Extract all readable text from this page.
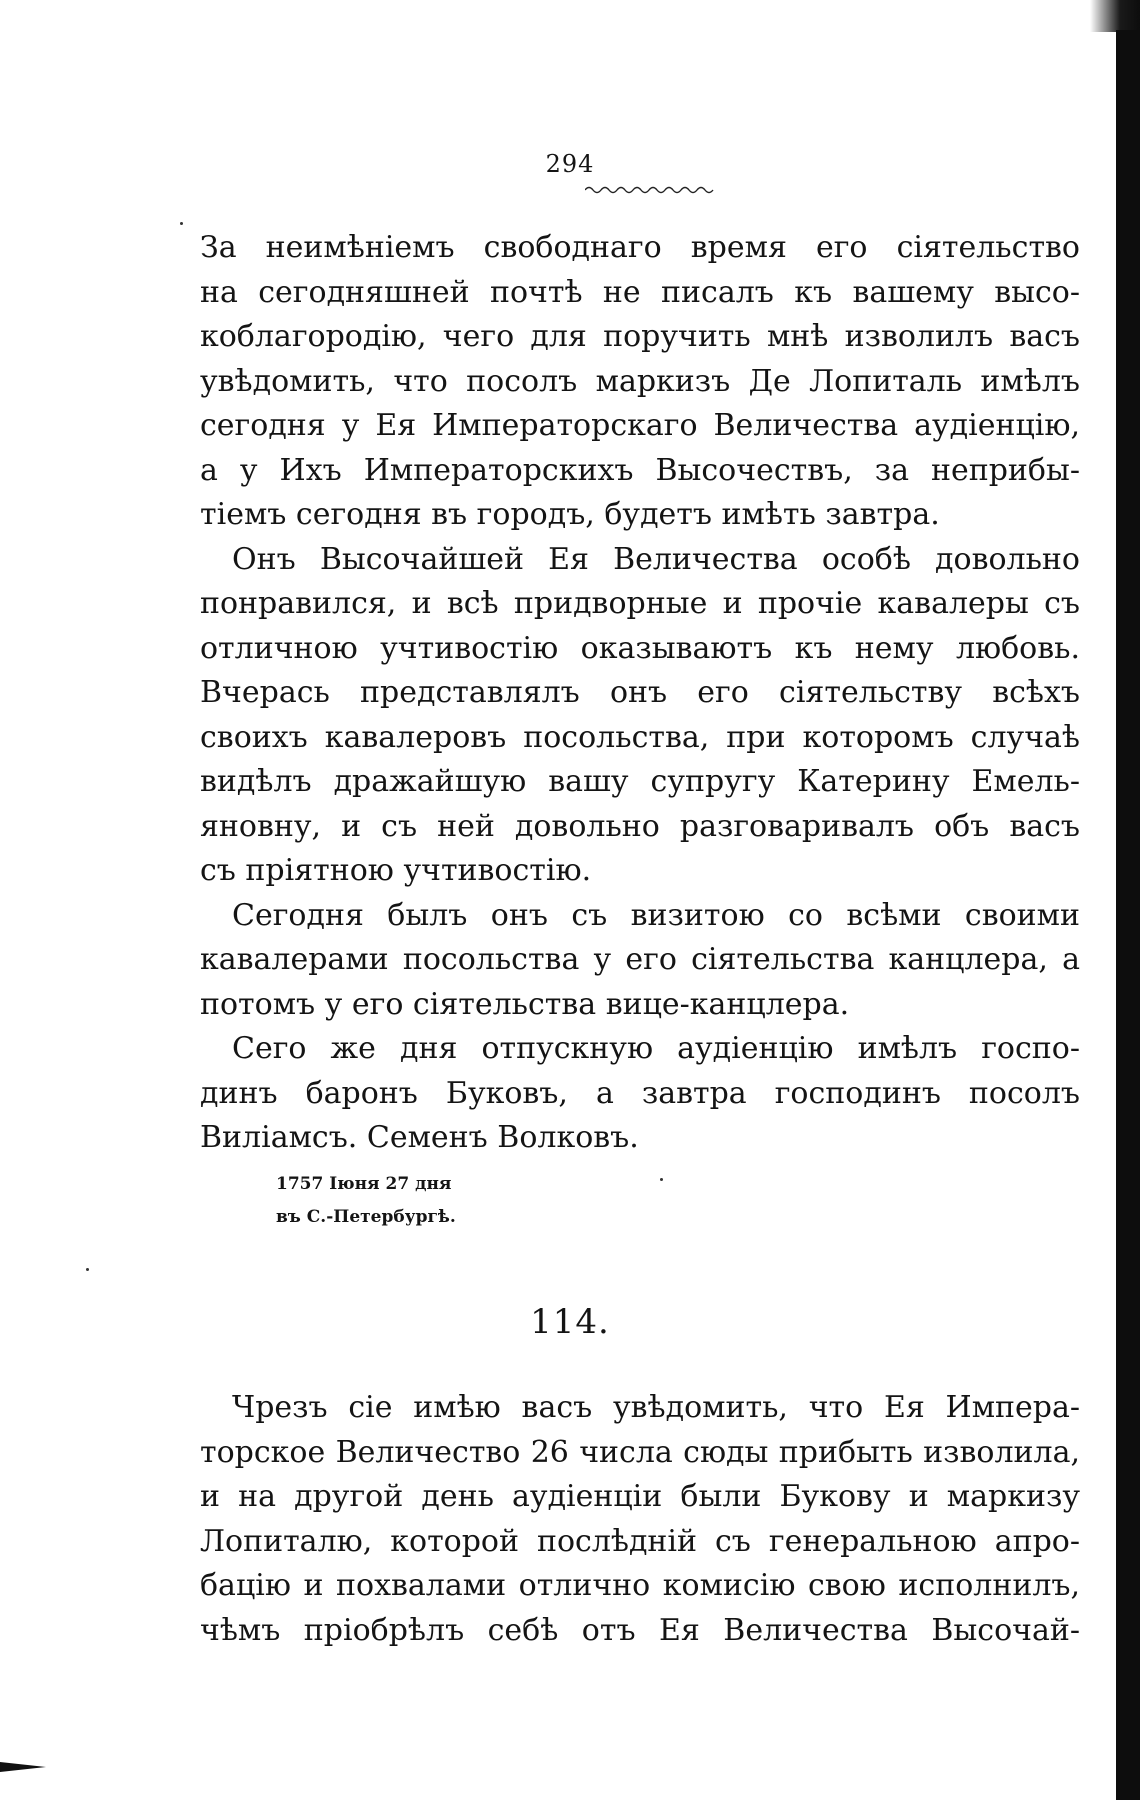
294
За неимѣніемъ свободнаго время его сіятельство
на сегодняшней почтѣ не писалъ къ вашему высо-
коблагородію, чего для поручить мнѣ изволилъ васъ
увѣдомить, что посолъ маркизъ Де Лопиталь имѣлъ
сегодня у Ея Императорскаго Величества аудіенцію,
а у Ихъ Императорскихъ Высочествъ, за неприбы-
тіемъ сегодня въ городъ, будетъ имѣть завтра.
Онъ Высочайшей Ея Величества особѣ довольно
понравился, и всѣ придворные и прочіе кавалеры съ
отличною учтивостію оказываютъ къ нему любовь.
Вчерась представлялъ онъ его сіятельству всѣхъ
своихъ кавалеровъ посольства, при которомъ случаѣ
видѣлъ дражайшую вашу супругу Катерину Емель-
яновну, и съ ней довольно разговаривалъ объ васъ
съ пріятною учтивостію.
Сегодня былъ онъ съ визитою со всѣми своими
кавалерами посольства у его сіятельства канцлера, а
потомъ у его сіятельства вице-канцлера.
Сего же дня отпускную аудіенцію имѣлъ госпо-
динъ баронъ Буковъ, а завтра господинъ посолъ
Виліамсъ. Семенъ Волковъ.
1757 Іюня 27 дня
въ С.-Петербургѣ.
114.
Чрезъ сіе имѣю васъ увѣдомить, что Ея Импера-
торское Величество 26 числа сюды прибыть изволила,
и на другой день аудіенціи были Букову и маркизу
Лопиталю, которой послѣдній съ генеральною апро-
бацію и похвалами отлично комисію свою исполнилъ,
чѣмъ пріобрѣлъ себѣ отъ Ея Величества Высочай-
